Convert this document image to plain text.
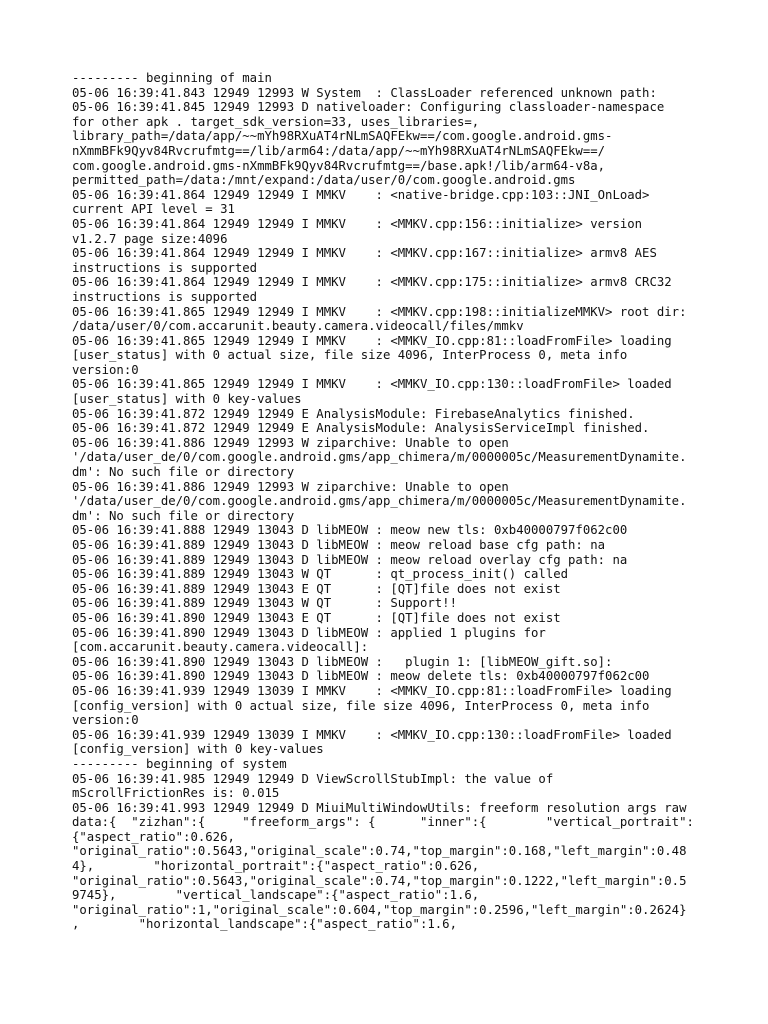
--------- beginning of main
05-06 16:39:41.843 12949 12993 W System  : ClassLoader referenced unknown path:
05-06 16:39:41.845 12949 12993 D nativeloader: Configuring classloader-namespace
for other apk . target_sdk_version=33, uses_libraries=,
library_path=/data/app/~~mYh98RXuAT4rNLmSAQFEkw==/com.google.android.gms-
nXmmBFk9Qyv84Rvcrufmtg==/lib/arm64:/data/app/~~mYh98RXuAT4rNLmSAQFEkw==/
com.google.android.gms-nXmmBFk9Qyv84Rvcrufmtg==/base.apk!/lib/arm64-v8a,
permitted_path=/data:/mnt/expand:/data/user/0/com.google.android.gms
05-06 16:39:41.864 12949 12949 I MMKV    : <native-bridge.cpp:103::JNI_OnLoad>
current API level = 31
05-06 16:39:41.864 12949 12949 I MMKV    : <MMKV.cpp:156::initialize> version
v1.2.7 page size:4096
05-06 16:39:41.864 12949 12949 I MMKV    : <MMKV.cpp:167::initialize> armv8 AES
instructions is supported
05-06 16:39:41.864 12949 12949 I MMKV    : <MMKV.cpp:175::initialize> armv8 CRC32
instructions is supported
05-06 16:39:41.865 12949 12949 I MMKV    : <MMKV.cpp:198::initializeMMKV> root dir:
/data/user/0/com.accarunit.beauty.camera.videocall/files/mmkv
05-06 16:39:41.865 12949 12949 I MMKV    : <MMKV_IO.cpp:81::loadFromFile> loading
[user_status] with 0 actual size, file size 4096, InterProcess 0, meta info
version:0
05-06 16:39:41.865 12949 12949 I MMKV    : <MMKV_IO.cpp:130::loadFromFile> loaded
[user_status] with 0 key-values
05-06 16:39:41.872 12949 12949 E AnalysisModule: FirebaseAnalytics finished.
05-06 16:39:41.872 12949 12949 E AnalysisModule: AnalysisServiceImpl finished.
05-06 16:39:41.886 12949 12993 W ziparchive: Unable to open
'/data/user_de/0/com.google.android.gms/app_chimera/m/0000005c/MeasurementDynamite.
dm': No such file or directory
05-06 16:39:41.886 12949 12993 W ziparchive: Unable to open
'/data/user_de/0/com.google.android.gms/app_chimera/m/0000005c/MeasurementDynamite.
dm': No such file or directory
05-06 16:39:41.888 12949 13043 D libMEOW : meow new tls: 0xb40000797f062c00
05-06 16:39:41.889 12949 13043 D libMEOW : meow reload base cfg path: na
05-06 16:39:41.889 12949 13043 D libMEOW : meow reload overlay cfg path: na
05-06 16:39:41.889 12949 13043 W QT      : qt_process_init() called
05-06 16:39:41.889 12949 13043 E QT      : [QT]file does not exist
05-06 16:39:41.889 12949 13043 W QT      : Support!!
05-06 16:39:41.890 12949 13043 E QT      : [QT]file does not exist
05-06 16:39:41.890 12949 13043 D libMEOW : applied 1 plugins for
[com.accarunit.beauty.camera.videocall]:
05-06 16:39:41.890 12949 13043 D libMEOW :   plugin 1: [libMEOW_gift.so]:
05-06 16:39:41.890 12949 13043 D libMEOW : meow delete tls: 0xb40000797f062c00
05-06 16:39:41.939 12949 13039 I MMKV    : <MMKV_IO.cpp:81::loadFromFile> loading
[config_version] with 0 actual size, file size 4096, InterProcess 0, meta info
version:0
05-06 16:39:41.939 12949 13039 I MMKV    : <MMKV_IO.cpp:130::loadFromFile> loaded
[config_version] with 0 key-values
--------- beginning of system
05-06 16:39:41.985 12949 12949 D ViewScrollStubImpl: the value of
mScrollFrictionRes is: 0.015
05-06 16:39:41.993 12949 12949 D MiuiMultiWindowUtils: freeform resolution args raw
data:{  "zizhan":{     "freeform_args": {      "inner":{        "vertical_portrait":
{"aspect_ratio":0.626,
"original_ratio":0.5643,"original_scale":0.74,"top_margin":0.168,"left_margin":0.48
4},        "horizontal_portrait":{"aspect_ratio":0.626,
"original_ratio":0.5643,"original_scale":0.74,"top_margin":0.1222,"left_margin":0.5
9745},        "vertical_landscape":{"aspect_ratio":1.6,
"original_ratio":1,"original_scale":0.604,"top_margin":0.2596,"left_margin":0.2624}
,        "horizontal_landscape":{"aspect_ratio":1.6,
